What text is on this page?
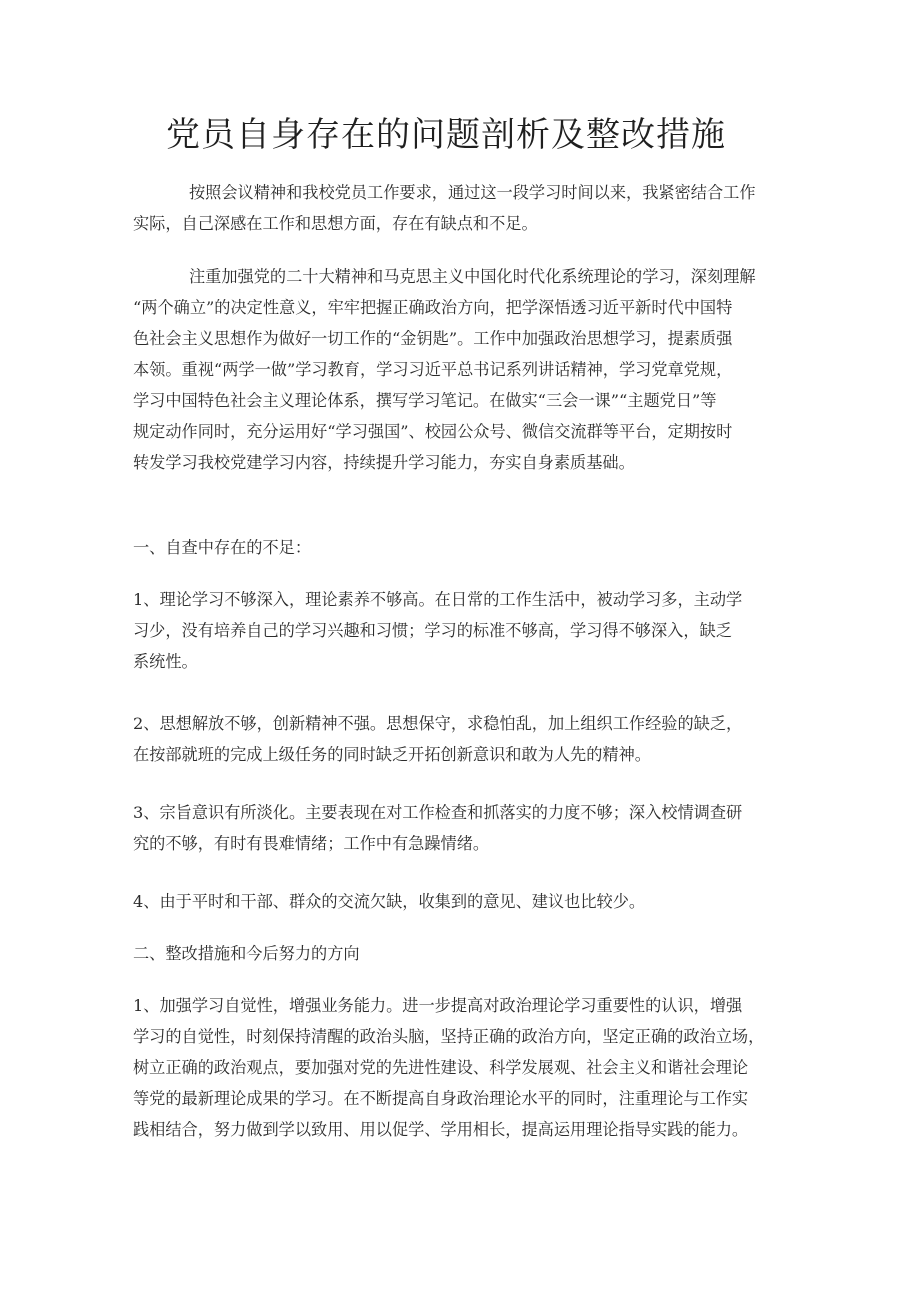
党员自身存在的问题剖析及整改措施
按照会议精神和我校党员工作要求，通过这一段学习时间以来，我紧密结合工作
实际，自己深感在工作和思想方面，存在有缺点和不足。
注重加强党的二十大精神和马克思主义中国化时代化系统理论的学习，深刻理解
“两个确立”的决定性意义，牢牢把握正确政治方向，把学深悟透习近平新时代中国特
色社会主义思想作为做好一切工作的“金钥匙”。工作中加强政治思想学习，提素质强
本领。重视“两学一做”学习教育，学习习近平总书记系列讲话精神，学习党章党规，
学习中国特色社会主义理论体系，撰写学习笔记。在做实“三会一课”“主题党日”等
规定动作同时，充分运用好“学习强国”、校园公众号、微信交流群等平台，定期按时
转发学习我校党建学习内容，持续提升学习能力，夯实自身素质基础。
一、自查中存在的不足：
1、理论学习不够深入，理论素养不够高。在日常的工作生活中，被动学习多，主动学
习少，没有培养自己的学习兴趣和习惯；学习的标准不够高，学习得不够深入，缺乏
系统性。
2、思想解放不够，创新精神不强。思想保守，求稳怕乱，加上组织工作经验的缺乏，
在按部就班的完成上级任务的同时缺乏开拓创新意识和敢为人先的精神。
3、宗旨意识有所淡化。主要表现在对工作检查和抓落实的力度不够；深入校情调查研
究的不够，有时有畏难情绪；工作中有急躁情绪。
4、由于平时和干部、群众的交流欠缺，收集到的意见、建议也比较少。
二、整改措施和今后努力的方向
1、加强学习自觉性，增强业务能力。进一步提高对政治理论学习重要性的认识，增强
学习的自觉性，时刻保持清醒的政治头脑，坚持正确的政治方向，坚定正确的政治立场，
树立正确的政治观点，要加强对党的先进性建设、科学发展观、社会主义和谐社会理论
等党的最新理论成果的学习。在不断提高自身政治理论水平的同时，注重理论与工作实
践相结合，努力做到学以致用、用以促学、学用相长，提高运用理论指导实践的能力。
